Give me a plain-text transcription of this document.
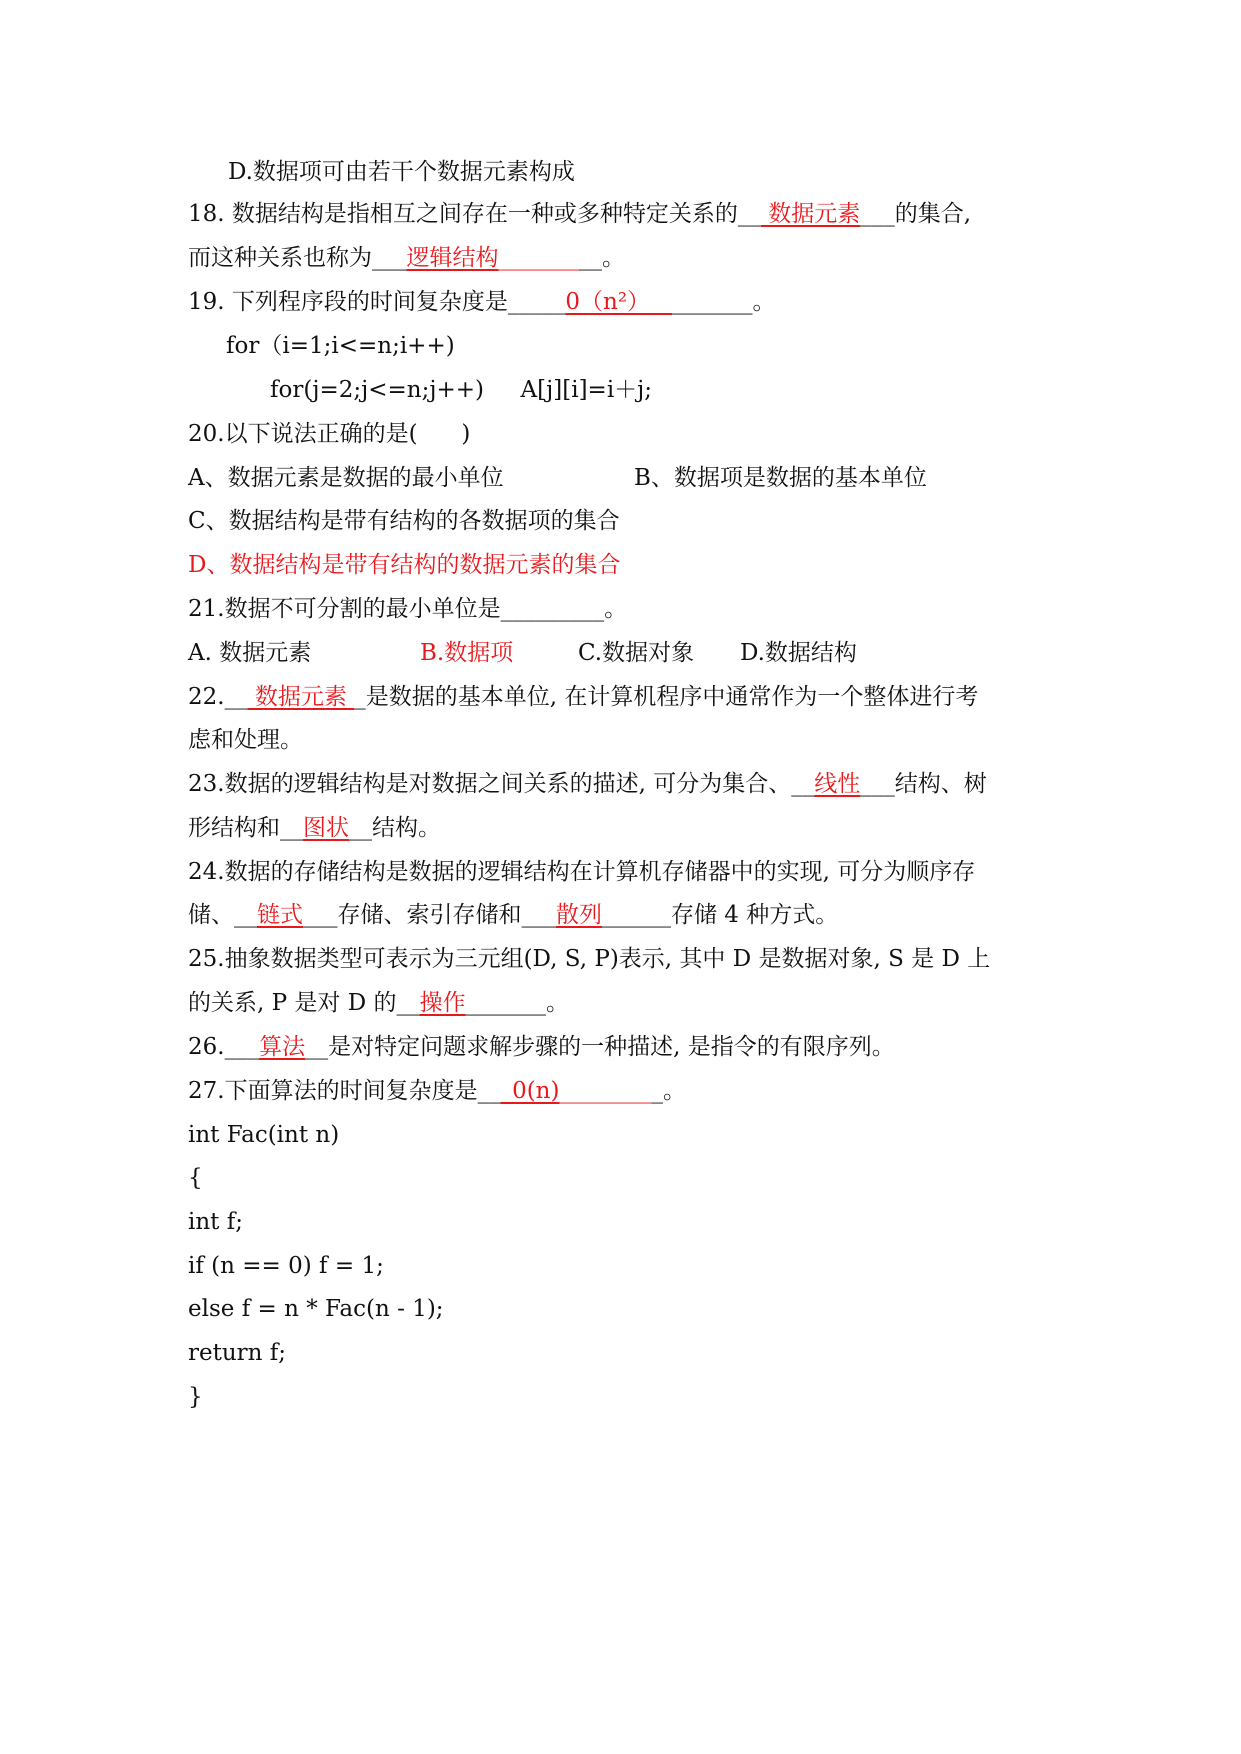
D.数据项可由若干个数据元素构成
18. 数据结构是指相互之间存在一种或多种特定关系的__ 数据元素___的集合,
而这种关系也称为___逻辑结构_________。
19. 下列程序段的时间复杂度是_____0（n²） _______。
for（i=1;i<=n;i++)
for(j=2;j<=n;j++)     A[j][i]=i＋j;
20.以下说法正确的是(      )
A、数据元素是数据的最小单位	B、数据项是数据的基本单位
C、数据结构是带有结构的各数据项的集合
D、数据结构是带有结构的数据元素的集合
21.数据不可分割的最小单位是_________。
A. 数据元素	B.数据项	C.数据对象 D.数据结构
22.__ 数据元素 _是数据的基本单位, 在计算机程序中通常作为一个整体进行考
虑和处理。
23.数据的逻辑结构是对数据之间关系的描述, 可分为集合、__线性___结构、树
形结构和__图状__结构。
24.数据的存储结构是数据的逻辑结构在计算机存储器中的实现, 可分为顺序存
储、__链式___存储、索引存储和___散列______存储 4 种方式。
25.抽象数据类型可表示为三元组(D, S, P)表示, 其中 D 是数据对象, S 是 D 上
的关系, P 是对 D 的__操作_______。
26.___算法__是对特定问题求解步骤的一种描述, 是指令的有限序列。
27.下面算法的时间复杂度是___0(n)_________。
int Fac(int n)
{
int f;
if (n == 0) f = 1;
else f = n * Fac(n - 1);
return f;
}
